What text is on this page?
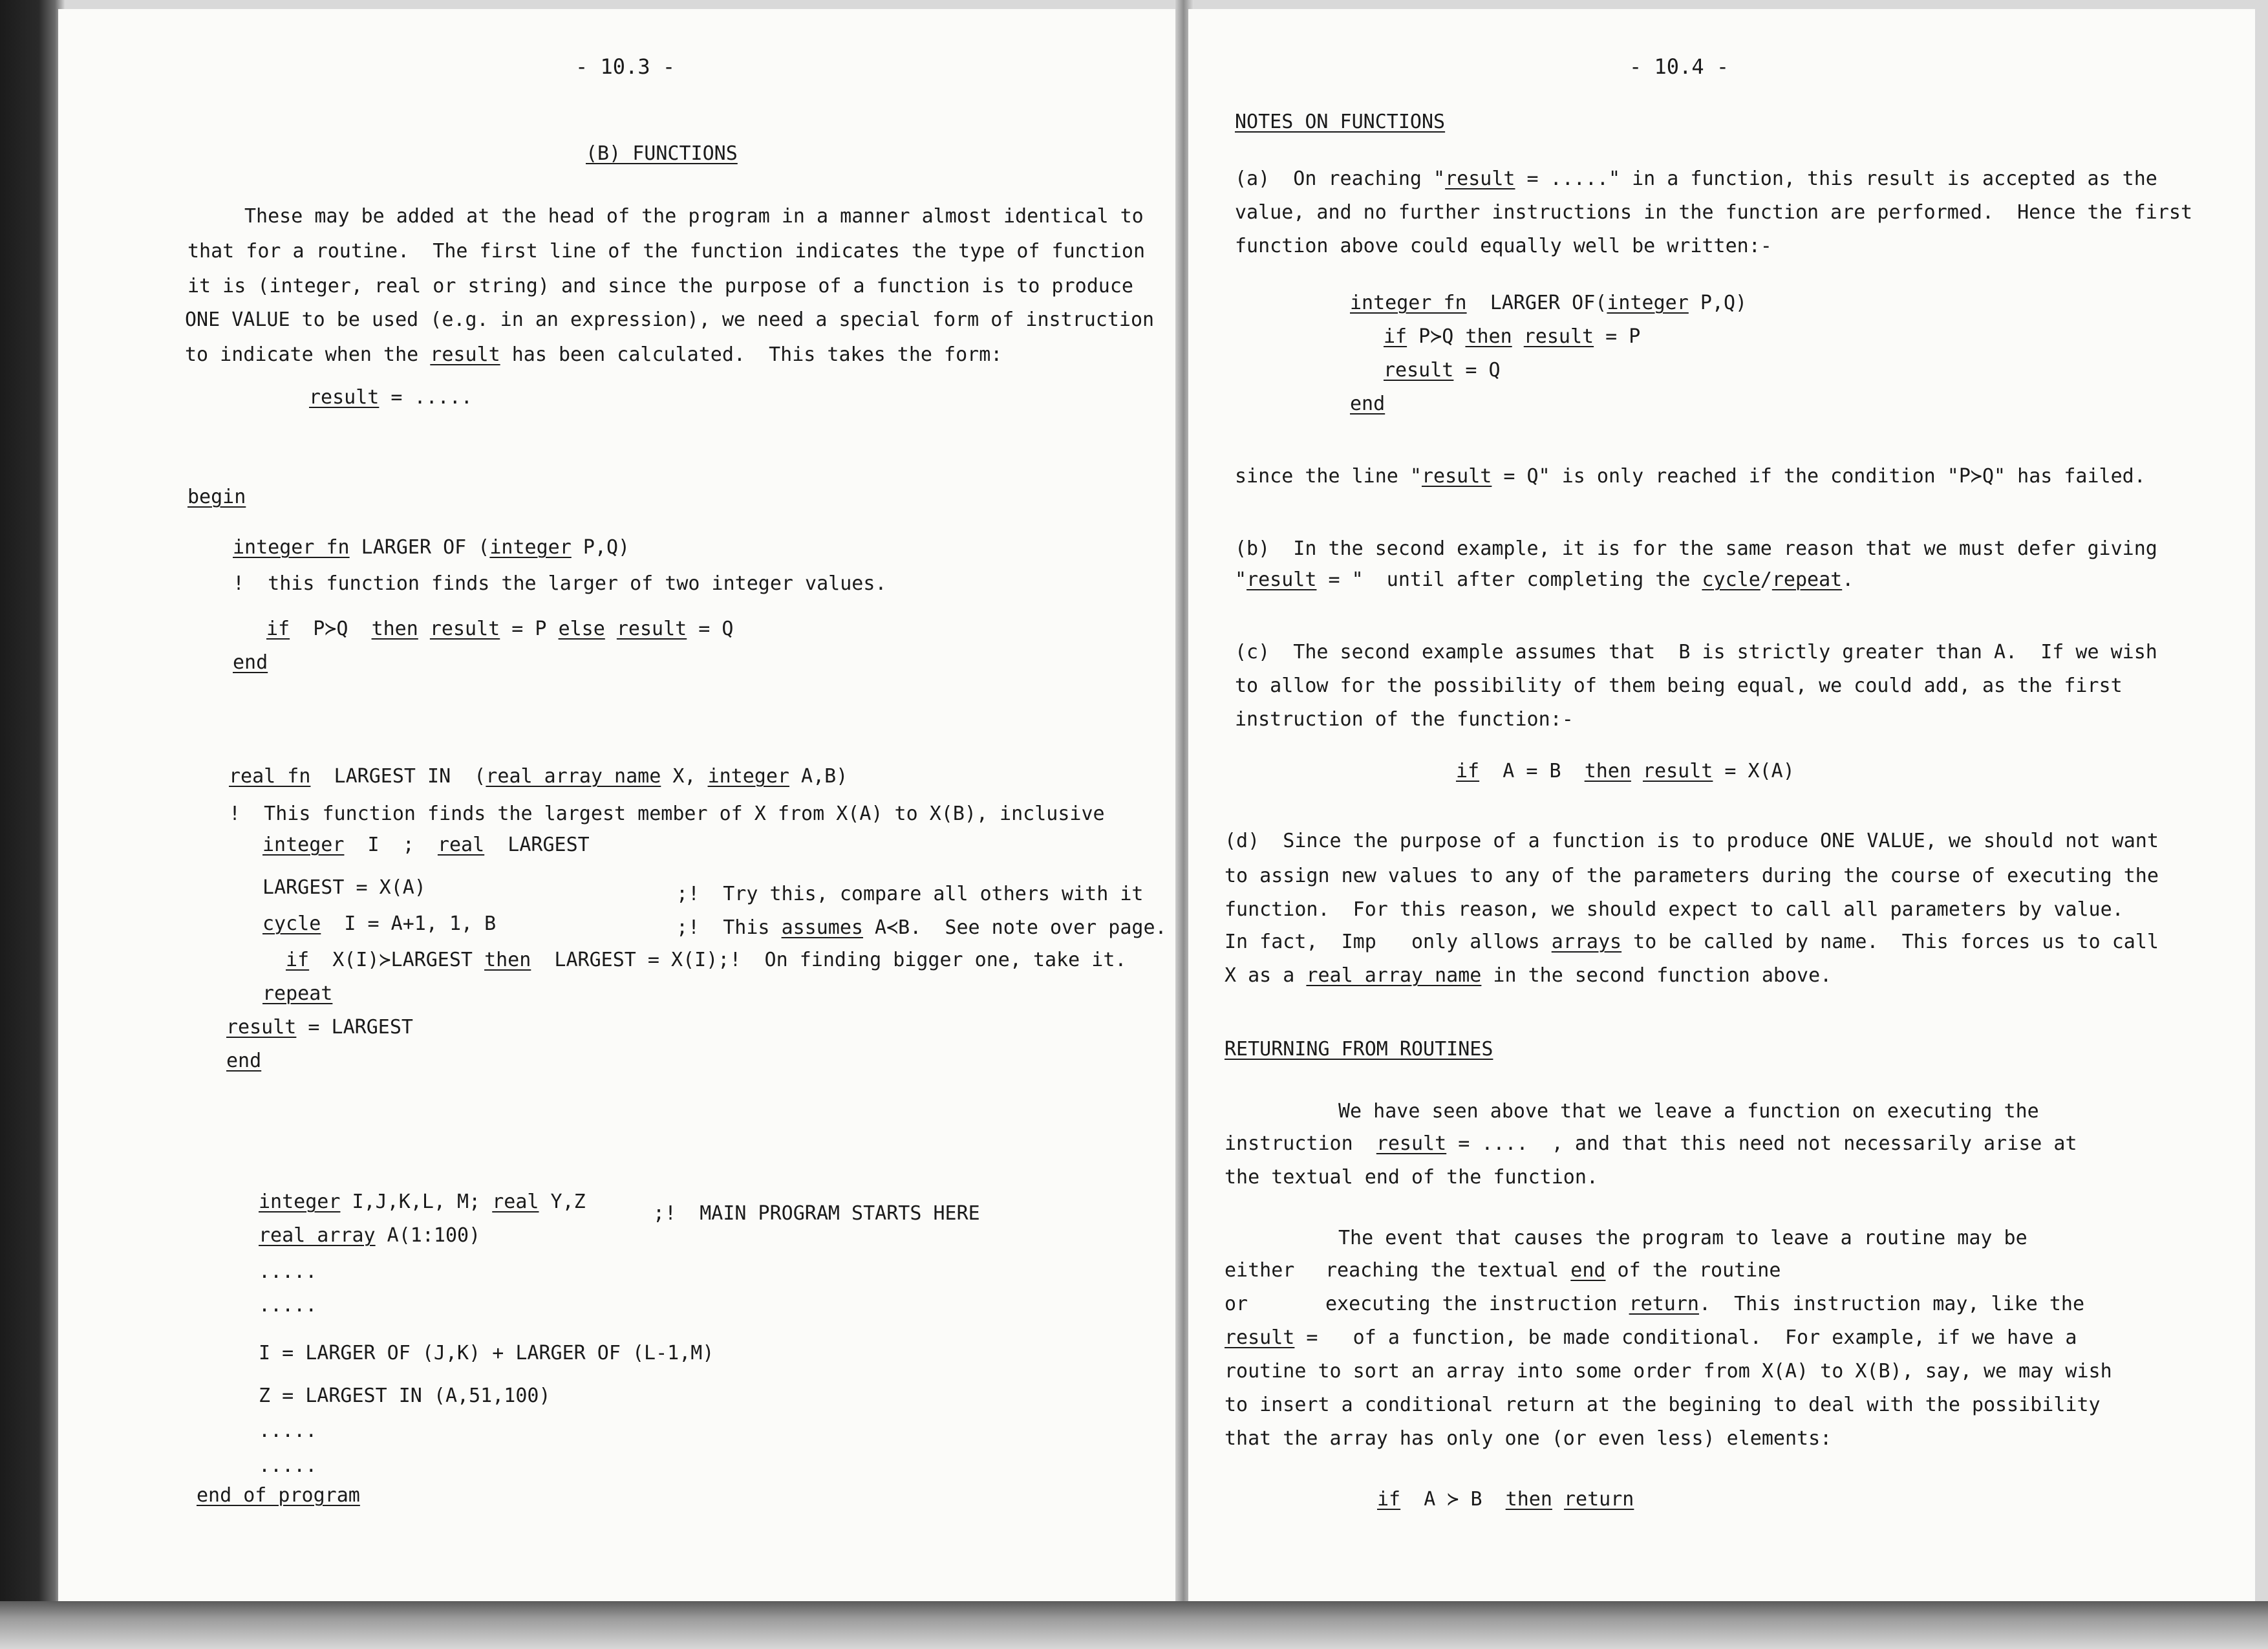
- 10.3 -
(B) FUNCTIONS
These may be added at the head of the program in a manner almost identical to
that for a routine.  The first line of the function indicates the type of function
it is (integer, real or string) and since the purpose of a function is to produce
ONE VALUE to be used (e.g. in an expression), we need a special form of instruction
to indicate when the result has been calculated.  This takes the form:
result = .....
begin
integer fn LARGER OF (integer P,Q)
!  this function finds the larger of two integer values.
if  P≻Q  then result = P else result = Q
end
real fn  LARGEST IN  (real array name X, integer A,B)
!  This function finds the largest member of X from X(A) to X(B), inclusive
integer  I  ;  real  LARGEST
LARGEST = X(A)	;!  Try this, compare all others with it
cycle  I = A+1, 1, B	;!  This assumes A≺B.  See note over page.
if  X(I)≻LARGEST then  LARGEST = X(I);!  On finding bigger one, take it.
repeat
result = LARGEST
end
integer I,J,K,L, M; real Y,Z
;!  MAIN PROGRAM STARTS HERE
real array A(1:100)
.....
.....
I = LARGER OF (J,K) + LARGER OF (L-1,M)
Z = LARGEST IN (A,51,100)
.....
.....
end of program
- 10.4 -
NOTES ON FUNCTIONS
(a)  On reaching "result = ....." in a function, this result is accepted as the
value, and no further instructions in the function are performed.  Hence the first
function above could equally well be written:-
integer fn  LARGER OF(integer P,Q)
if P≻Q then result = P
result = Q
end
since the line "result = Q" is only reached if the condition "P≻Q" has failed.
(b)  In the second example, it is for the same reason that we must defer giving
"result = "  until after completing the cycle/repeat.
(c)  The second example assumes that  B is strictly greater than A.  If we wish
to allow for the possibility of them being equal, we could add, as the first
instruction of the function:-
if  A = B  then result = X(A)
(d)  Since the purpose of a function is to produce ONE VALUE, we should not want
to assign new values to any of the parameters during the course of executing the
function.  For this reason, we should expect to call all parameters by value.
In fact,  Imp   only allows arrays to be called by name.  This forces us to call
X as a real array name in the second function above.
RETURNING FROM ROUTINES
We have seen above that we leave a function on executing the
instruction  result = ....  , and that this need not necessarily arise at
the textual end of the function.
The event that causes the program to leave a routine may be
either reaching the textual end of the routine
or	executing the instruction return.  This instruction may, like the
result =   of a function, be made conditional.  For example, if we have a
routine to sort an array into some order from X(A) to X(B), say, we may wish
to insert a conditional return at the begining to deal with the possibility
that the array has only one (or even less) elements:
if  A ≻ B  then return
